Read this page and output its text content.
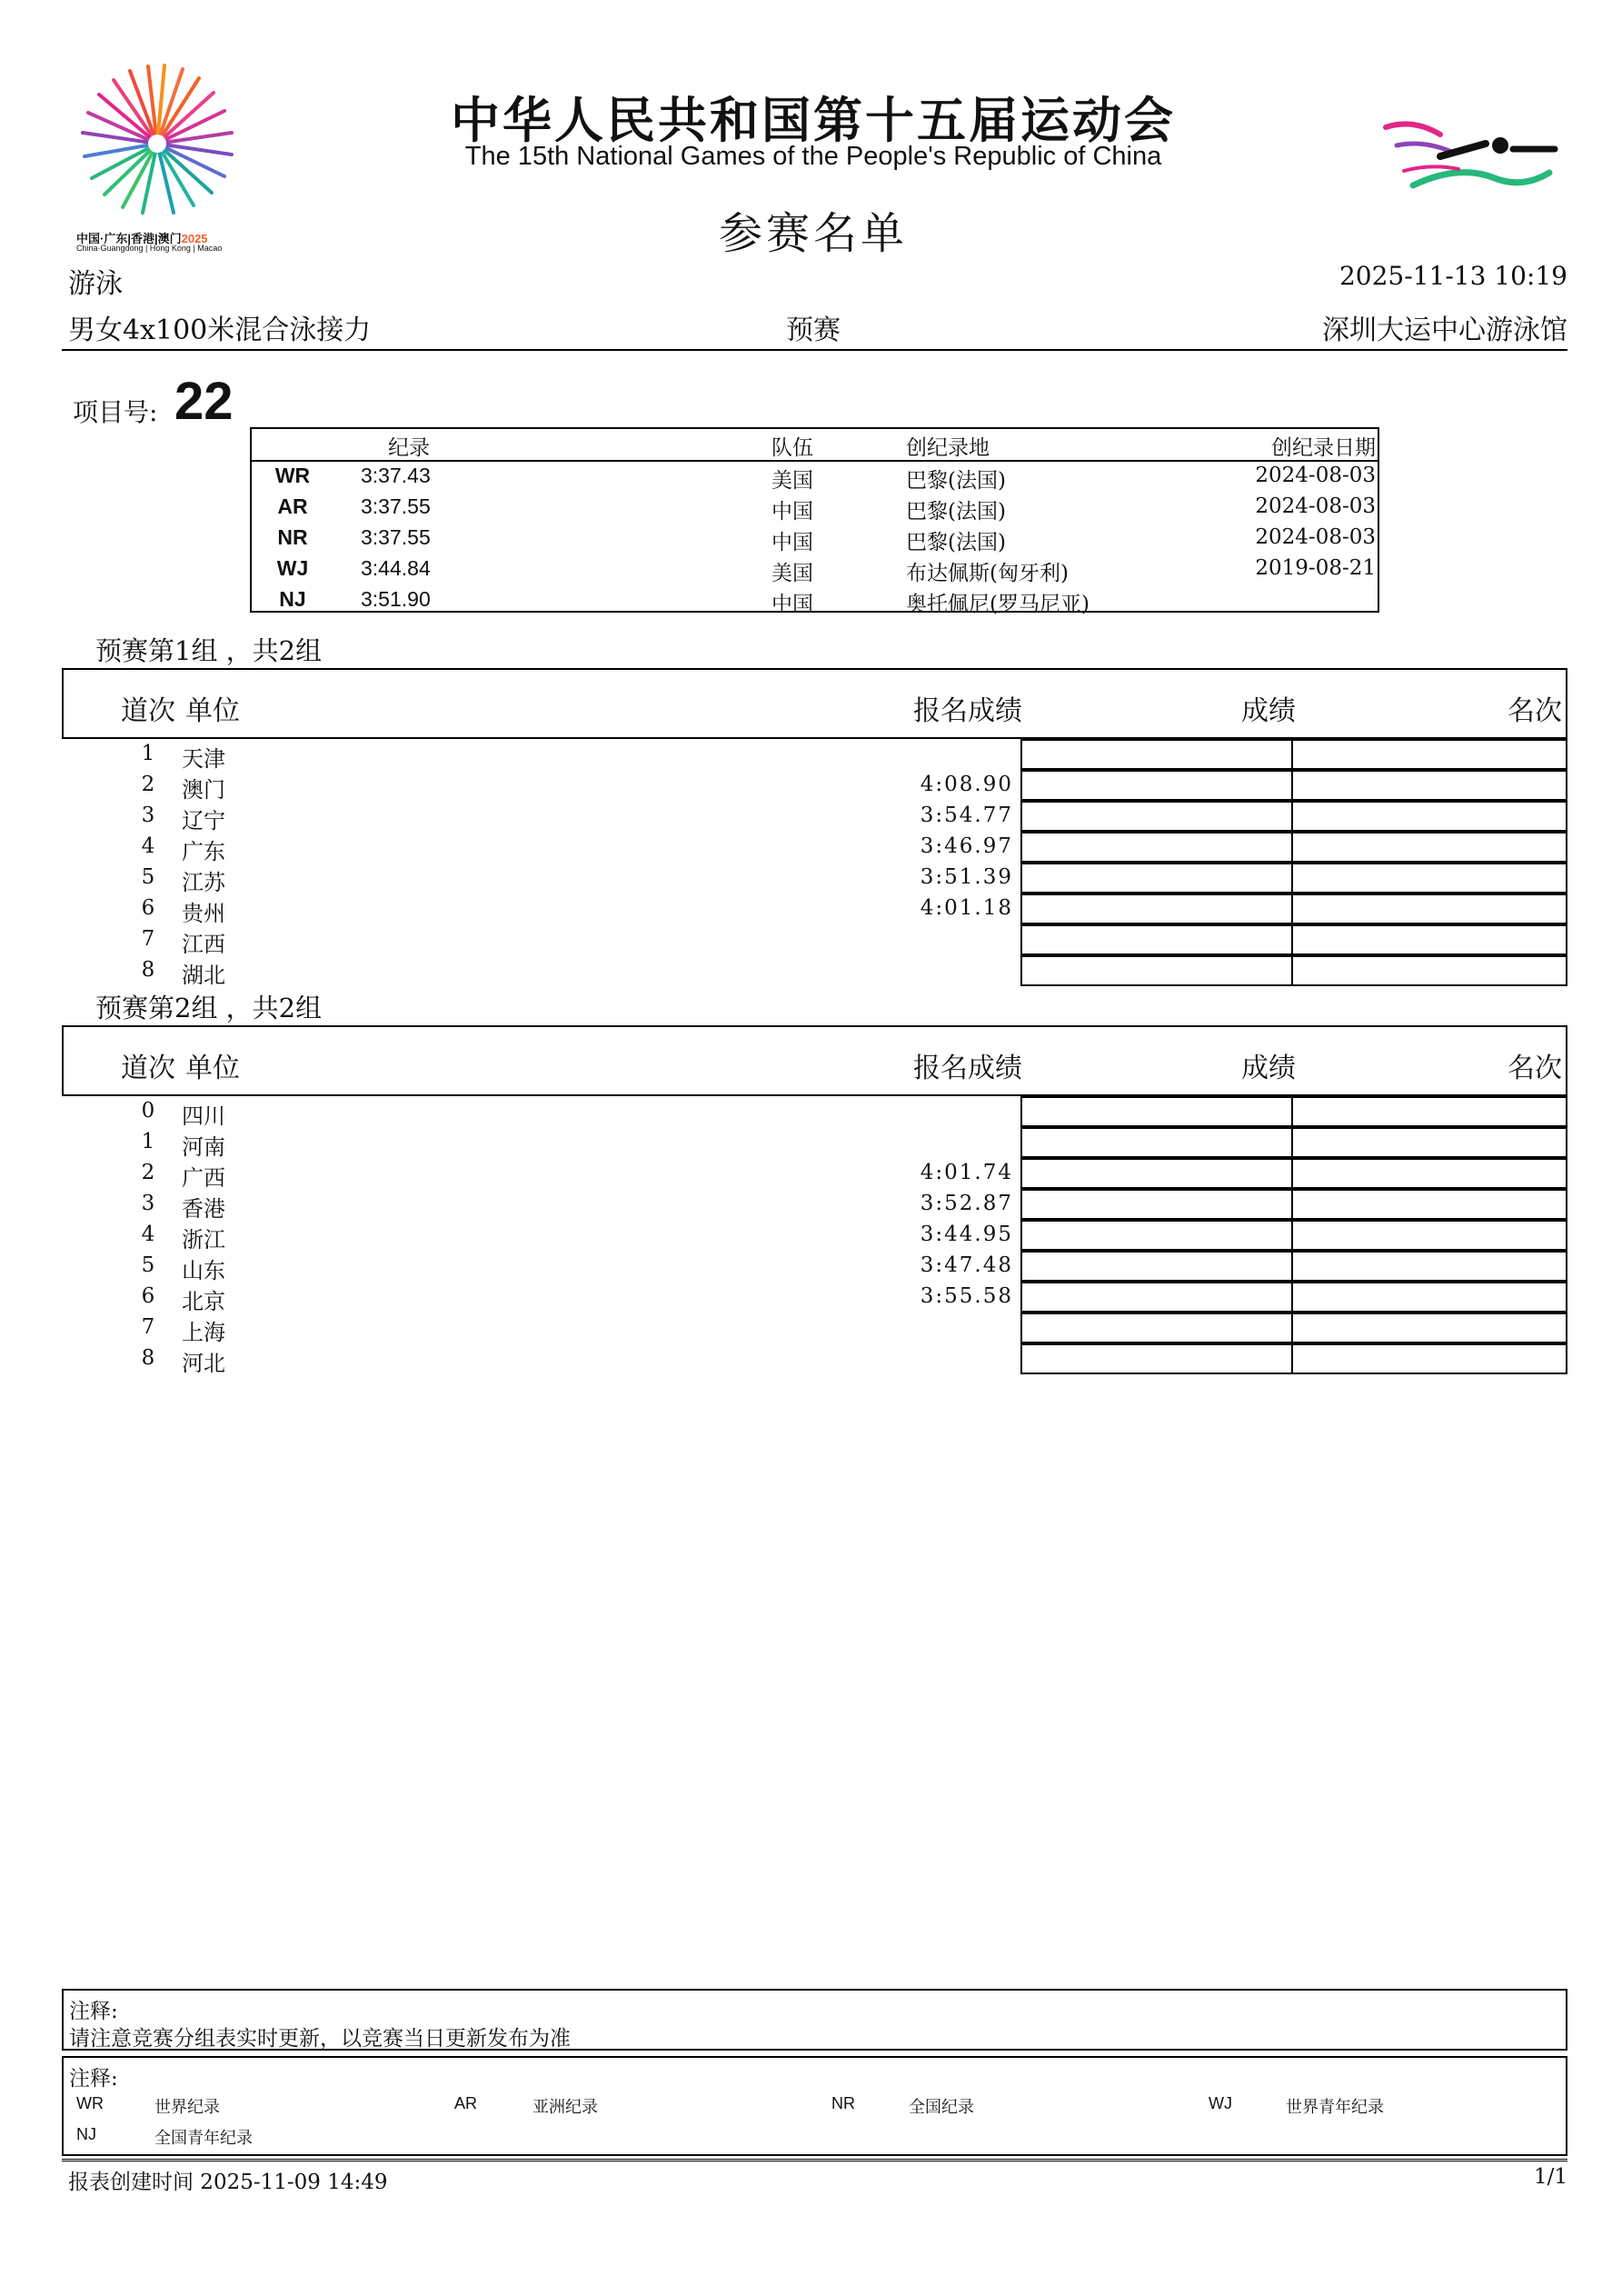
中国·广东|香港|澳门2025
China·Guangdong | Hong Kong | Macao
中华人民共和国第十五届运动会
The 15th National Games of the People's Republic of China
参赛名单
游泳	2025-11-13 10:19
男女4x100米混合泳接力	预赛	深圳大运中心游泳馆
项目号: 22
纪录	队伍	创纪录地	创纪录日期
WR 3:37.43	美国	巴黎(法国)	2024-08-03
AR	3:37.55	中国	巴黎(法国)	2024-08-03
NR	3:37.55	中国	巴黎(法国)	2024-08-03
WJ	3:44.84	美国	布达佩斯(匈牙利)	2019-08-21
NJ	3:51.90	中国	奥托佩尼(罗马尼亚)
预赛第1组 ，共2组
道次 单位	报名成绩	成绩	名次
1 天津
2 澳门	4:08.90
3 辽宁	3:54.77
4 广东	3:46.97
5 江苏	3:51.39
6 贵州	4:01.18
7 江西
8 湖北
预赛第2组 ，共2组
道次 单位	报名成绩	成绩	名次
0 四川
1 河南
2 广西	4:01.74
3 香港	3:52.87
4 浙江	3:44.95
5 山东	3:47.48
6 北京	3:55.58
7 上海
8 河北
注释:
请注意竞赛分组表实时更新，以竞赛当日更新发布为准
注释:
WR	世界纪录	AR	亚洲纪录	NR	全国纪录	WJ	世界青年纪录
NJ	全国青年纪录
报表创建时间 2025-11-09 14:49	1/1
